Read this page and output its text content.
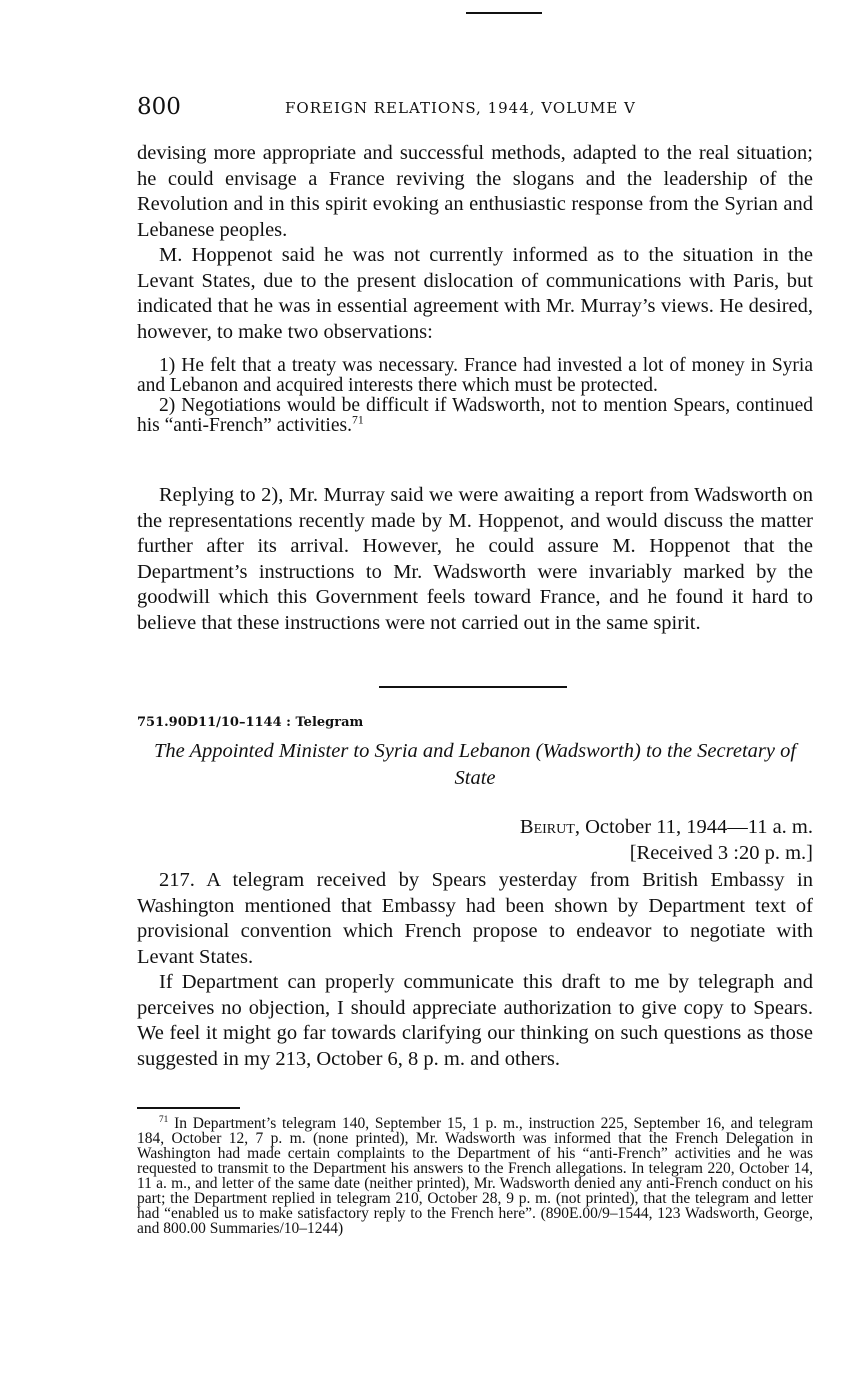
800	FOREIGN RELATIONS, 1944, VOLUME V

devising more appropriate and successful methods, adapted to the real situation; he could envisage a France reviving the slogans and the leadership of the Revolution and in this spirit evoking an enthusiastic response from the Syrian and Lebanese peoples.

M. Hoppenot said he was not currently informed as to the situation in the Levant States, due to the present dislocation of communications with Paris, but indicated that he was in essential agreement with Mr. Murray’s views. He desired, however, to make two observations:

1) He felt that a treaty was necessary. France had invested a lot of money in Syria and Lebanon and acquired interests there which must be protected.

2) Negotiations would be difficult if Wadsworth, not to mention Spears, continued his “anti-French” activities.$^{71}$

Replying to 2), Mr. Murray said we were awaiting a report from Wadsworth on the representations recently made by M. Hoppenot, and would discuss the matter further after its arrival. However, he could assure M. Hoppenot that the Department’s instructions to Mr. Wadsworth were invariably marked by the goodwill which this Government feels toward France, and he found it hard to believe that these instructions were not carried out in the same spirit.

751.90D11/10–1144 : Telegram
The Appointed Minister to Syria and Lebanon (Wadsworth) to the Secretary of State
Beirut, October 11, 1944—11 a. m.
[Received 3 :20 p. m.]

217. A telegram received by Spears yesterday from British Embassy in Washington mentioned that Embassy had been shown by Department text of provisional convention which French propose to endeavor to negotiate with Levant States.

If Department can properly communicate this draft to me by telegraph and perceives no objection, I should appreciate authorization to give copy to Spears. We feel it might go far towards clarifying our thinking on such questions as those suggested in my 213, October 6, 8 p. m. and others.

$^{71}$ In Department’s telegram 140, September 15, 1 p. m., instruction 225, September 16, and telegram 184, October 12, 7 p. m. (none printed), Mr. Wadsworth was informed that the French Delegation in Washington had made certain complaints to the Department of his “anti-French” activities and he was requested to transmit to the Department his answers to the French allegations. In telegram 220, October 14, 11 a. m., and letter of the same date (neither printed), Mr. Wadsworth denied any anti-French conduct on his part; the Department replied in telegram 210, October 28, 9 p. m. (not printed), that the telegram and letter had “enabled us to make satisfactory reply to the French here”. (890E.00/9–1544, 123 Wadsworth, George, and 800.00 Summaries/10–1244)
